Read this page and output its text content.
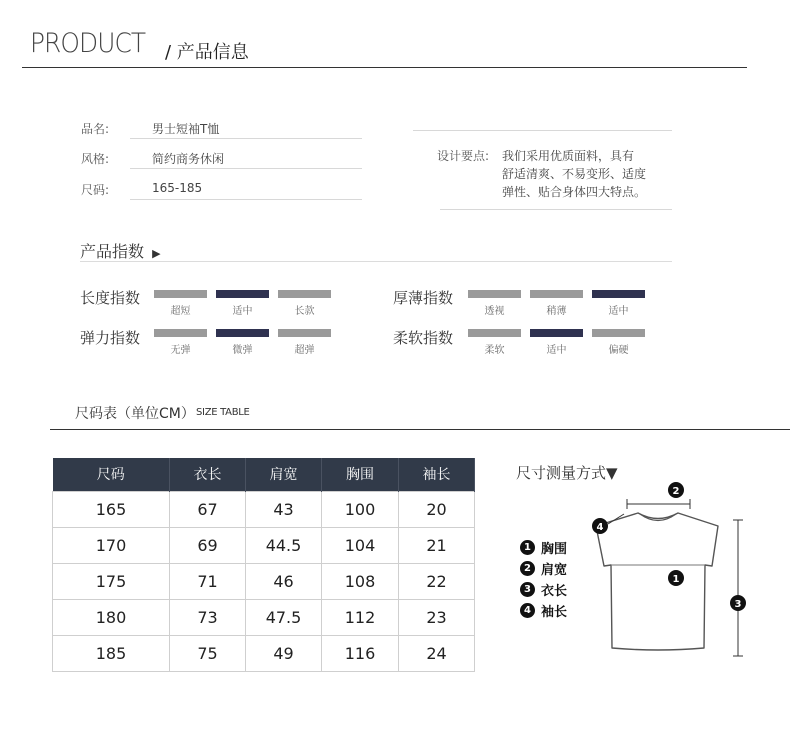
PRODUCT / 产品信息
品名:	男士短袖T恤
风格:	简约商务休闲
尺码:	165-185
设计要点: 我们采用优质面料，具有
舒适清爽、不易变形、适度
弹性、贴合身体四大特点。
产品指数 ▶
长度指数
超短	适中	长款
厚薄指数
透视	稍薄	适中
弹力指数
无弹	微弹	超弹
柔软指数
柔软	适中	偏硬
尺码表（单位CM） SIZE TABLE
尺码	衣长	肩宽	胸围	袖长
165	67	43	100	20
170	69	44.5	104	21
175	71	46	108	22
180	73	47.5	112	23
185	75	49	116	24
尺寸测量方式▼
1 胸围
2 肩宽
3 衣长
4 袖长
1
2
3
4
